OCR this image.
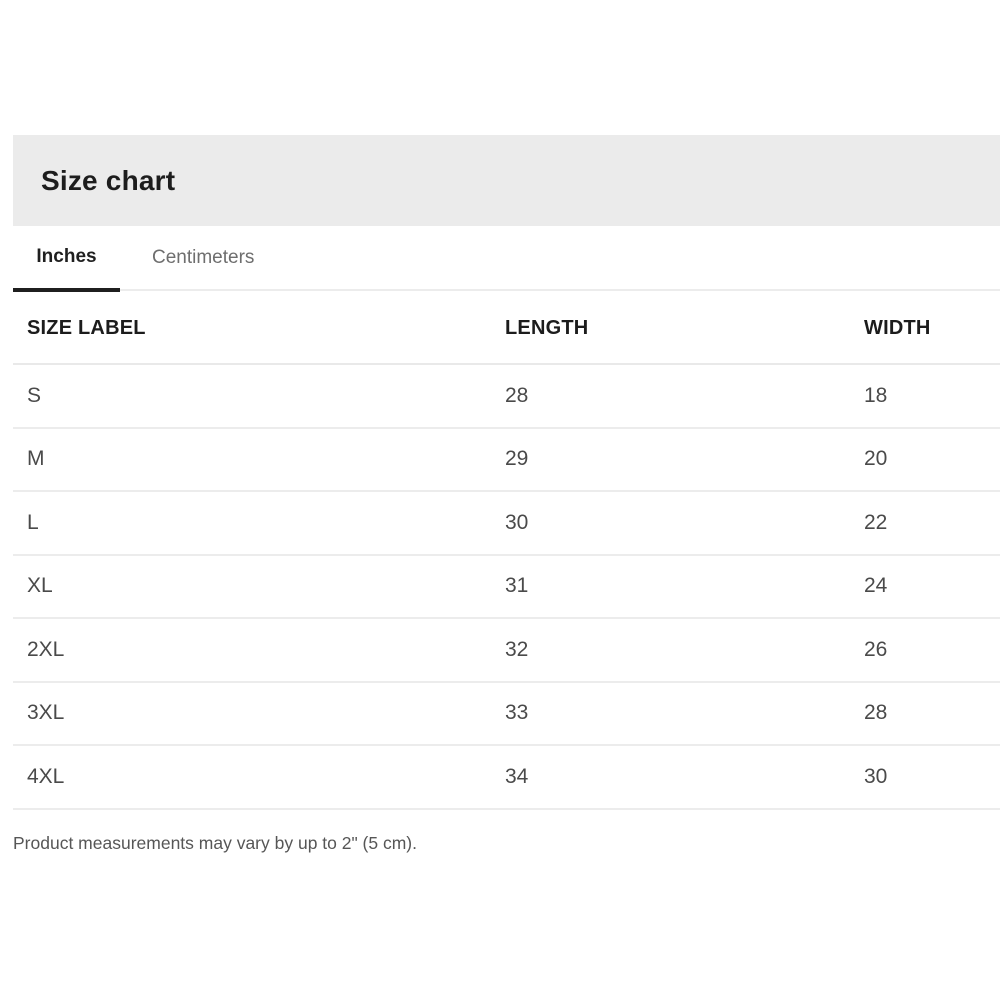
Size chart
Inches	Centimeters
SIZE LABEL	LENGTH	WIDTH
S	28	18
M	29	20
L	30	22
XL	31	24
2XL	32	26
3XL	33	28
4XL	34	30

Product measurements may vary by up to 2" (5 cm).
